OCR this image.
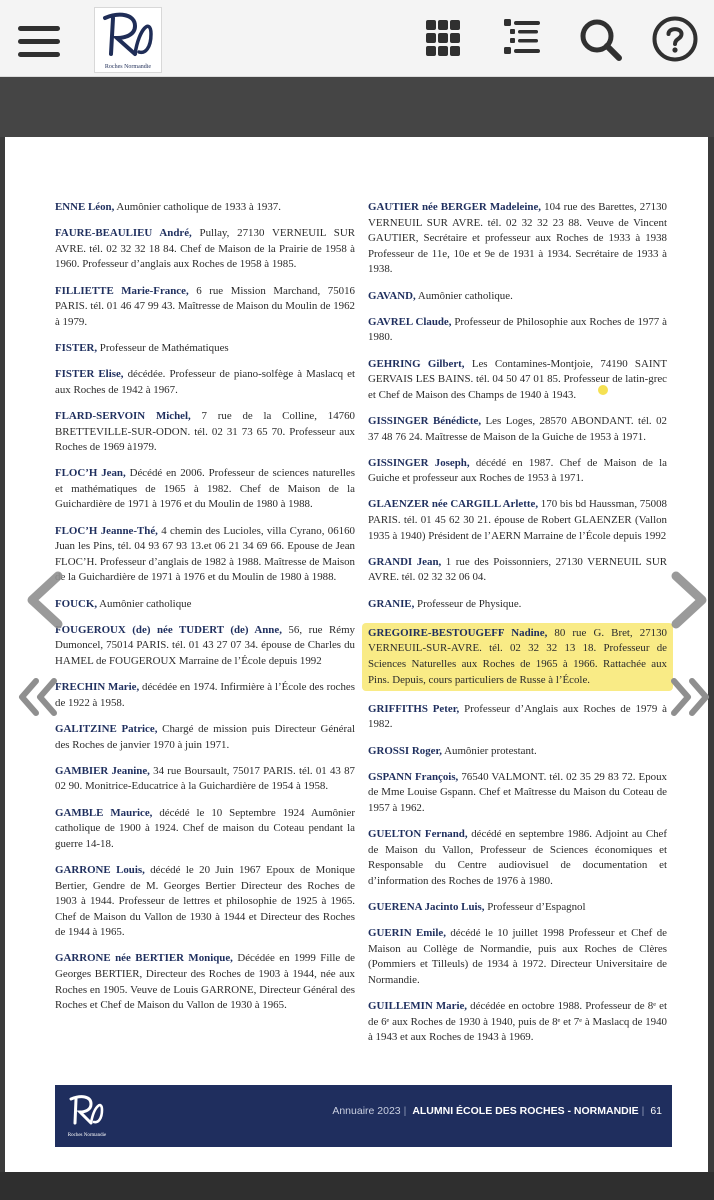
Roches Normandie
ENNE Léon, Aumônier catholique de 1933 à 1937.
FAURE-BEAULIEU André, Pullay, 27130 VERNEUIL SUR AVRE. tél. 02 32 32 18 84. Chef de Maison de la Prairie de 1958 à 1960. Professeur d’anglais aux Roches de 1958 à 1985.
FILLIETTE Marie-France, 6 rue Mission Marchand, 75016 PARIS. tél. 01 46 47 99 43. Maîtresse de Maison du Moulin de 1962 à 1979.
FISTER, Professeur de Mathématiques
FISTER Elise, décédée. Professeur de piano-solfège à Maslacq et aux Roches de 1942 à 1967.
FLARD-SERVOIN Michel, 7 rue de la Colline, 14760 BRETTEVILLE-SUR-ODON. tél. 02 31 73 65 70. Professeur aux Roches de 1969 à1979.
FLOC’H Jean, Décédé en 2006. Professeur de sciences naturelles et mathématiques de 1965 à 1982. Chef de Maison de la Guichardière de 1971 à 1976 et du Moulin de 1980 à 1988.
FLOC’H Jeanne-Thé, 4 chemin des Lucioles, villa Cyrano, 06160 Juan les Pins, tél. 04 93 67 93 13.et 06 21 34 69 66. Epouse de Jean FLOC’H. Professeur d’anglais de 1982 à 1988. Maîtresse de Maison de la Guichardière de 1971 à 1976 et du Moulin de 1980 à 1988.
FOUCK, Aumônier catholique
FOUGEROUX (de) née TUDERT (de) Anne, 56, rue Rémy Dumoncel, 75014 PARIS. tél. 01 43 27 07 34. épouse de Charles du HAMEL de FOUGEROUX Marraine de l’École depuis 1992
FRECHIN Marie, décédée en 1974. Infirmière à l’École des roches de 1922 à 1958.
GALITZINE Patrice, Chargé de mission puis Directeur Général des Roches de janvier 1970 à juin 1971.
GAMBIER Jeanine, 34 rue Boursault, 75017 PARIS. tél. 01 43 87 02 90. Monitrice-Educatrice à la Guichardière de 1954 à 1958.
GAMBLE Maurice, décédé le 10 Septembre 1924 Aumônier catholique de 1900 à 1924. Chef de maison du Coteau pendant la guerre 14-18.
GARRONE Louis, décédé le 20 Juin 1967 Epoux de Monique Bertier, Gendre de M. Georges Bertier Directeur des Roches de 1903 à 1944. Professeur de lettres et philosophie de 1925 à 1965. Chef de Maison du Vallon de 1930 à 1944 et Directeur des Roches de 1944 à 1965.
GARRONE née BERTIER Monique, Décédée en 1999 Fille de Georges BERTIER, Directeur des Roches de 1903 à 1944, née aux Roches en 1905. Veuve de Louis GARRONE, Directeur Général des Roches et Chef de Maison du Vallon de 1930 à 1965.
GAUTIER née BERGER Madeleine, 104 rue des Barettes, 27130 VERNEUIL SUR AVRE. tél. 02 32 32 23 88. Veuve de Vincent GAUTIER, Secrétaire et professeur aux Roches de 1933 à 1938 Professeur de 11e, 10e et 9e de 1931 à 1934. Secrétaire de 1933 à 1938.
GAVAND, Aumônier catholique.
GAVREL Claude, Professeur de Philosophie aux Roches de 1977 à 1980.
GEHRING Gilbert, Les Contamines-Montjoie, 74190 SAINT GERVAIS LES BAINS. tél. 04 50 47 01 85. Professeur de latin-grec et Chef de Maison des Champs de 1940 à 1943.
GISSINGER Bénédicte, Les Loges, 28570 ABONDANT. tél. 02 37 48 76 24. Maîtresse de Maison de la Guiche de 1953 à 1971.
GISSINGER Joseph, décédé en 1987. Chef de Maison de la Guiche et professeur aux Roches de 1953 à 1971.
GLAENZER née CARGILL Arlette, 170 bis bd Haussman, 75008 PARIS. tél. 01 45 62 30 21. épouse de Robert GLAENZER (Vallon 1935 à 1940) Président de l’AERN Marraine de l’École depuis 1992
GRANDI Jean, 1 rue des Poissonniers, 27130 VERNEUIL SUR AVRE. tél. 02 32 32 06 04.
GRANIE, Professeur de Physique.
GREGOIRE-BESTOUGEFF Nadine, 80 rue G. Bret, 27130 VERNEUIL-SUR-AVRE. tél. 02 32 32 13 18. Professeur de Sciences Naturelles aux Roches de 1965 à 1966. Rattachée aux Pins. Depuis, cours particuliers de Russe à l’École.
GRIFFITHS Peter, Professeur d’Anglais aux Roches de 1979 à 1982.
GROSSI Roger, Aumônier protestant.
GSPANN François, 76540 VALMONT. tél. 02 35 29 83 72. Epoux de Mme Louise Gspann. Chef et Maîtresse du Maison du Coteau de 1957 à 1962.
GUELTON Fernand, décédé en septembre 1986. Adjoint au Chef de Maison du Vallon, Professeur de Sciences économiques et Responsable du Centre audiovisuel de documentation et d’information des Roches de 1976 à 1980.
GUERENA Jacinto Luis, Professeur d’Espagnol
GUERIN Emile, décédé le 10 juillet 1998 Professeur et Chef de Maison au Collège de Normandie, puis aux Roches de Clères (Pommiers et Tilleuls) de 1934 à 1972. Directeur Universitaire de Normandie.
GUILLEMIN Marie, décédée en octobre 1988. Professeur de 8ᵉ et de 6ᵉ aux Roches de 1930 à 1940, puis de 8ᵉ et 7ᵉ à Maslacq de 1940 à 1943 et aux Roches de 1943 à 1969.
Roches Normandie
Annuaire 2023 | ALUMNI ÉCOLE DES ROCHES - NORMANDIE | 61
